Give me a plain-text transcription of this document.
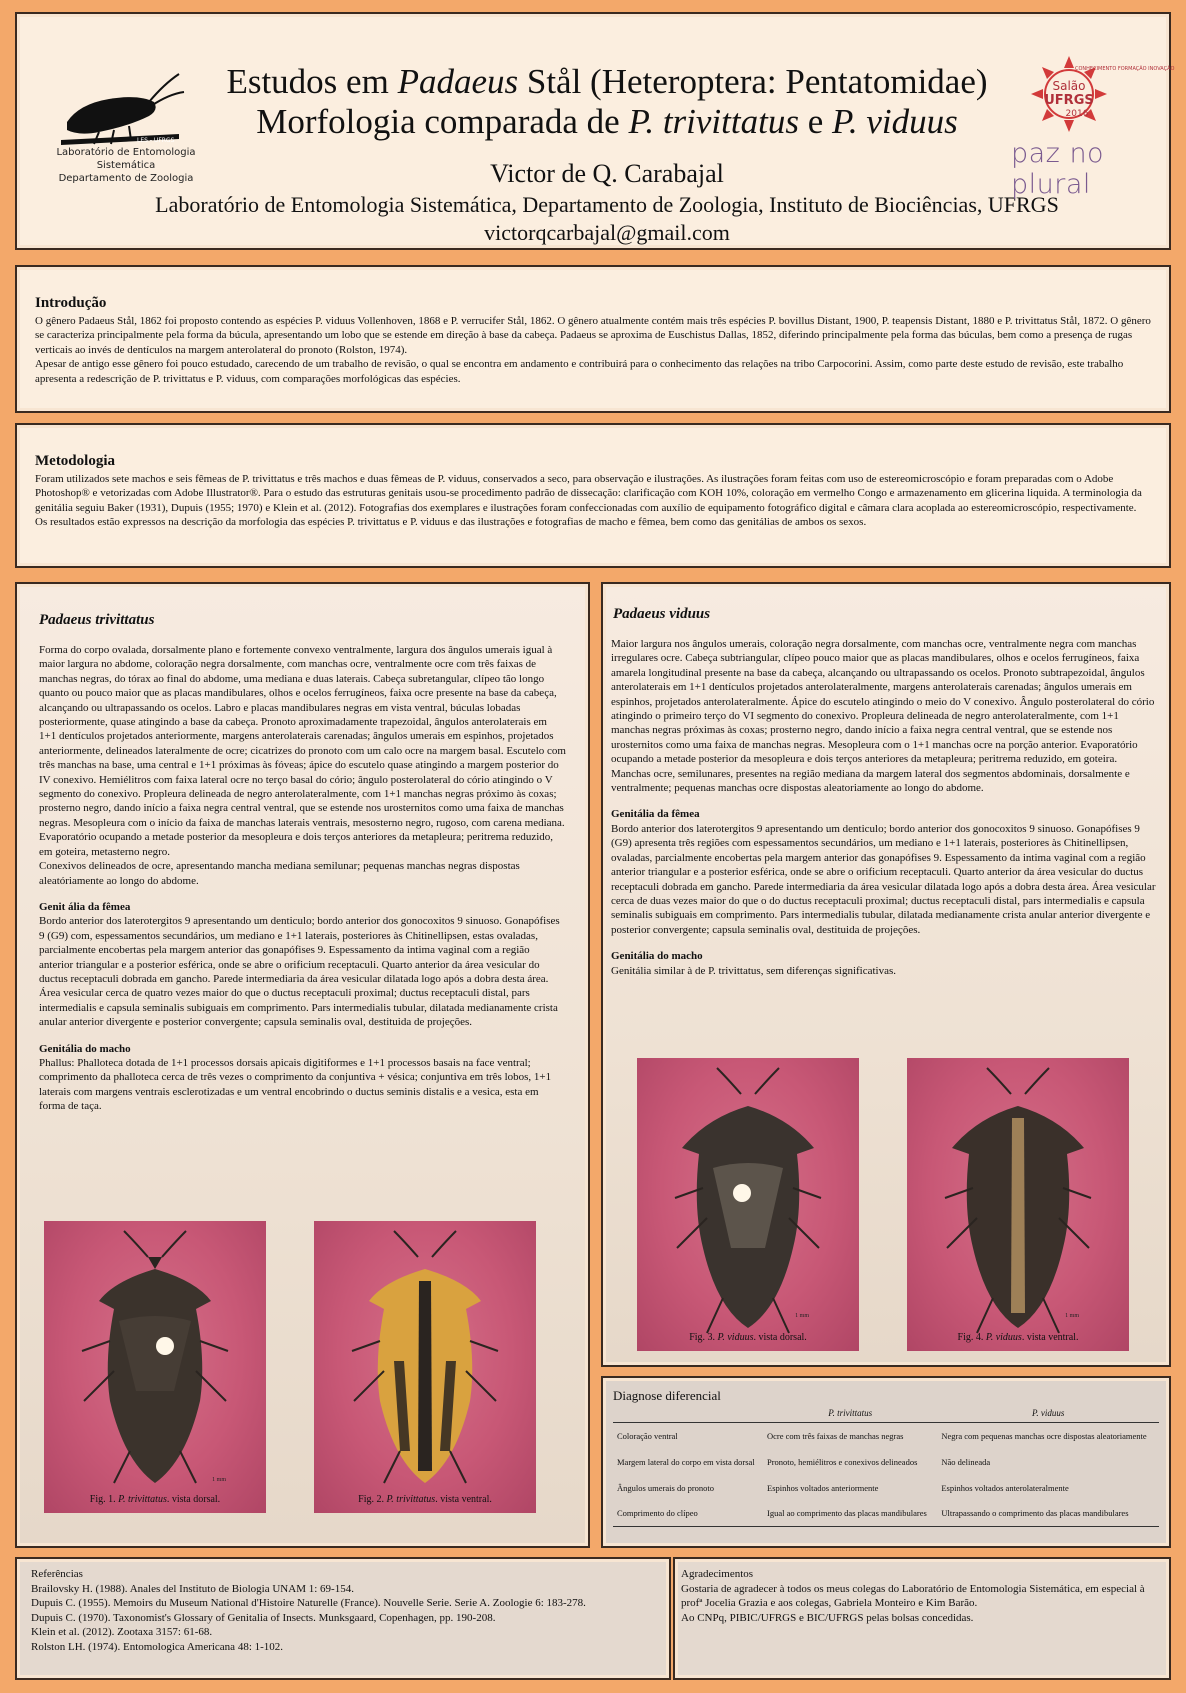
LES - UFRGS
Laboratório de Entomologia Sistemática
Departamento de Zoologia
Estudos em Padaeus Stål (Heteroptera: Pentatomidae)
Morfologia comparada de P. trivittatus e P. viduus
Victor de Q. Carabajal
Laboratório de Entomologia Sistemática, Departamento de Zoologia, Instituto de Biociências, UFRGS
victorqcarbajal@gmail.com
CONHECIMENTO FORMAÇÃO INOVAÇÃO
Salão
UFRGS
2016
paz no plural
Introdução

O gênero Padaeus Stål, 1862 foi proposto contendo as espécies P. viduus Vollenhoven, 1868 e P. verrucifer Stål, 1862. O gênero atualmente contém mais três espécies P. bovillus Distant, 1900, P. teapensis Distant, 1880 e P. trivittatus Stål, 1872. O gênero se caracteriza principalmente pela forma da búcula, apresentando um lobo que se estende em direção à base da cabeça. Padaeus se aproxima de Euschistus Dallas, 1852, diferindo principalmente pela forma das búculas, bem como a presença de rugas verticais ao invés de dentículos na margem anterolateral do pronoto (Rolston, 1974).

Apesar de antigo esse gênero foi pouco estudado, carecendo de um trabalho de revisão, o qual se encontra em andamento e contribuirá para o conhecimento das relações na tribo Carpocorini. Assim, como parte deste estudo de revisão, este trabalho apresenta a redescrição de P. trivittatus e P. viduus, com comparações morfológicas das espécies.

Metodologia

Foram utilizados sete machos e seis fêmeas de P. trivittatus e três machos e duas fêmeas de P. viduus, conservados a seco, para observação e ilustrações. As ilustrações foram feitas com uso de estereomicroscópio e foram preparadas com o Adobe Photoshop® e vetorizadas com Adobe Illustrator®. Para o estudo das estruturas genitais usou-se procedimento padrão de dissecação: clarificação com KOH 10%, coloração em vermelho Congo e armazenamento em glicerina liquida. A terminologia da genitália seguiu Baker (1931), Dupuis (1955; 1970) e Klein et al. (2012). Fotografias dos exemplares e ilustrações foram confeccionadas com auxílio de equipamento fotográfico digital e câmara clara acoplada ao estereomicroscópio, respectivamente. Os resultados estão expressos na descrição da morfologia das espécies P. trivittatus e P. viduus e das ilustrações e fotografias de macho e fêmea, bem como das genitálias de ambos os sexos.

Padaeus trivittatus

Forma do corpo ovalada, dorsalmente plano e fortemente convexo ventralmente, largura dos ângulos umerais igual à maior largura no abdome, coloração negra dorsalmente, com manchas ocre, ventralmente ocre com três faixas de manchas negras, do tórax ao final do abdome, uma mediana e duas laterais. Cabeça subretangular, clípeo tão longo quanto ou pouco maior que as placas mandibulares, olhos e ocelos ferrugíneos, faixa ocre presente na base da cabeça, alcançando ou ultrapassando os ocelos. Labro e placas mandibulares negras em vista ventral, búculas lobadas posteriormente, quase atingindo a base da cabeça. Pronoto aproximadamente trapezoidal, ângulos anterolaterais em 1+1 dentículos projetados anteriormente, margens anterolaterais carenadas; ângulos umerais em espinhos, projetados anteriormente, delineados lateralmente de ocre; cicatrizes do pronoto com um calo ocre na margem basal. Escutelo com três manchas na base, uma central e 1+1 próximas às fóveas; ápice do escutelo quase atingindo a margem posterior do IV conexivo. Hemiélitros com faixa lateral ocre no terço basal do cório; ângulo posterolateral do cório atingindo o V segmento do conexivo. Propleura delineada de negro anterolateralmente, com 1+1 manchas negras próximo às coxas; prosterno negro, dando início a faixa negra central ventral, que se estende nos urosternitos como uma faixa de manchas negras. Mesopleura com o início da faixa de manchas laterais ventrais, mesosterno negro, rugoso, com carena mediana. Evaporatório ocupando a metade posterior da mesopleura e dois terços anteriores da metapleura; peritrema reduzido, em goteira, metasterno negro.

Conexivos delineados de ocre, apresentando mancha mediana semilunar; pequenas manchas negras dispostas aleatóriamente ao longo do abdome.

Genit ália da fêmea

Bordo anterior dos laterotergitos 9 apresentando um denticulo; bordo anterior dos gonocoxitos 9 sinuoso. Gonapófises 9 (G9) com, espessamentos secundários, um mediano e 1+1 laterais, posteriores às Chitinellipsen, estas ovaladas, parcialmente encobertas pela margem anterior das gonapófises 9. Espessamento da intima vaginal com a região anterior triangular e a posterior esférica, onde se abre o orificium receptaculi. Quarto anterior da área vesicular do ductus receptaculi dobrada em gancho. Parede intermediaria da área vesicular dilatada logo após a dobra desta área. Área vesicular cerca de quatro vezes maior do que o ductus receptaculi proximal; ductus receptaculi distal, pars intermedialis e capsula seminalis subiguais em comprimento. Pars intermedialis tubular, dilatada medianamente crista anular anterior divergente e posterior convergente; capsula seminalis oval, destituida de projeções.

Genitália do macho

Phallus: Phalloteca dotada de 1+1 processos dorsais apicais digitiformes e 1+1 processos basais na face ventral; comprimento da phalloteca cerca de três vezes o comprimento da conjuntiva + vésica; conjuntiva em três lobos, 1+1 laterais com margens ventrais esclerotizadas e um ventral encobrindo o ductus seminis distalis e a vesica, esta em forma de taça.

1 mm
Fig. 1. P. trivittatus. vista dorsal.	Fig. 2. P. trivittatus. vista ventral.
Padaeus viduus

Maior largura nos ângulos umerais, coloração negra dorsalmente, com manchas ocre, ventralmente negra com manchas irregulares ocre. Cabeça subtriangular, clípeo pouco maior que as placas mandibulares, olhos e ocelos ferrugíneos, faixa amarela longitudinal presente na base da cabeça, alcançando ou ultrapassando os ocelos. Pronoto subtrapezoidal, ângulos anterolaterais em 1+1 dentículos projetados anterolateralmente, margens anterolaterais carenadas; ângulos umerais em espinhos, projetados anterolateralmente. Ápice do escutelo atingindo o meio do V conexivo. Ângulo posterolateral do cório atingindo o primeiro terço do VI segmento do conexivo. Propleura delineada de negro anterolateralmente, com 1+1 manchas negras próximas às coxas; prosterno negro, dando início a faixa negra central ventral, que se estende nos urosternitos como uma faixa de manchas negras. Mesopleura com o 1+1 manchas ocre na porção anterior. Evaporatório ocupando a metade posterior da mesopleura e dois terços anteriores da metapleura; peritrema reduzido, em goteira. Manchas ocre, semilunares, presentes na região mediana da margem lateral dos segmentos abdominais, dorsalmente e ventralmente; pequenas manchas ocre dispostas aleatoriamente ao longo do abdome.

Genitália da fêmea

Bordo anterior dos laterotergitos 9 apresentando um denticulo; bordo anterior dos gonocoxitos 9 sinuoso. Gonapófises 9 (G9) apresenta três regiões com espessamentos secundários, um mediano e 1+1 laterais, posteriores às Chitinellipsen, ovaladas, parcialmente encobertas pela margem anterior das gonapófises 9. Espessamento da intima vaginal com a região anterior triangular e a posterior esférica, onde se abre o orificium receptaculi. Quarto anterior da área vesicular do ductus receptaculi dobrada em gancho. Parede intermediaria da área vesicular dilatada logo após a dobra desta área. Área vesicular cerca de duas vezes maior do que o do ductus receptaculi proximal; ductus receptaculi distal, pars intermedialis e capsula seminalis subiguais em comprimento. Pars intermedialis tubular, dilatada medianamente crista anular anterior divergente e posterior convergente; capsula seminalis oval, destituida de projeções.

Genitália do macho

Genitália similar à de P. trivittatus, sem diferenças significativas.

1 mm
Fig. 3. P. viduus. vista dorsal.
1 mm
Fig. 4. P. viduus. vista ventral.
Diagnose diferencial
	P. trivittatus	P. viduus
Coloração ventral	Ocre com três faixas de manchas negras	Negra com pequenas manchas ocre dispostas aleatoriamente
Margem lateral do corpo em vista dorsal	Pronoto, hemiélitros e conexivos delineados	Não delineada
Ângulos umerais do pronoto	Espinhos voltados anteriormente	Espinhos voltados anterolateralmente
Comprimento do clípeo	Igual ao comprimento das placas mandibulares	Ultrapassando o comprimento das placas mandibulares
Referências
Brailovsky H. (1988). Anales del Instituto de Biologia UNAM 1: 69-154.
Dupuis C. (1955). Memoirs du Museum National d'Histoire Naturelle (France). Nouvelle Serie. Serie A. Zoologie 6: 183-278.
Dupuis C. (1970). Taxonomist's Glossary of Genitalia of Insects. Munksgaard, Copenhagen, pp. 190-208.
Klein et al. (2012). Zootaxa 3157: 61-68.
Rolston LH. (1974). Entomologica Americana 48: 1-102.
Agradecimentos
Gostaria de agradecer à todos os meus colegas do Laboratório de Entomologia Sistemática, em especial à profª Jocelia Grazia e aos colegas, Gabriela Monteiro e Kim Barão.
Ao CNPq, PIBIC/UFRGS e BIC/UFRGS pelas bolsas concedidas.
